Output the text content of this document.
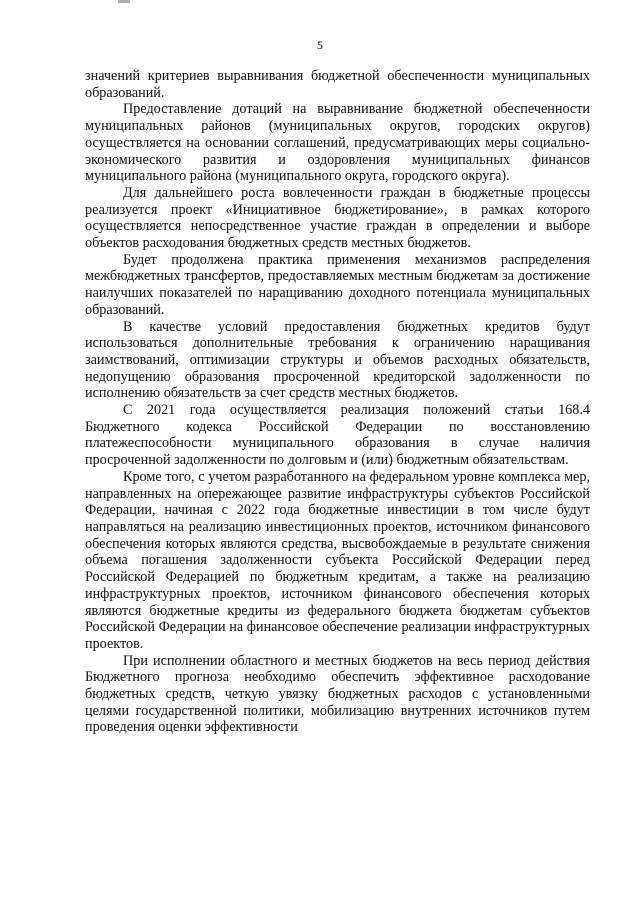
5

значений критериев выравнивания бюджетной обеспеченности муниципальных образований.

Предоставление дотаций на выравнивание бюджетной обеспеченности муниципальных районов (муниципальных округов, городских округов) осуществляется на основании соглашений, предусматривающих меры социально-экономического развития и оздоровления муниципальных финансов муниципального района (муниципального округа, городского округа).

Для дальнейшего роста вовлеченности граждан в бюджетные процессы реализуется проект «Инициативное бюджетирование», в рамках которого осуществляется непосредственное участие граждан в определении и выборе объектов расходования бюджетных средств местных бюджетов.

Будет продолжена практика применения механизмов распределения межбюджетных трансфертов, предоставляемых местным бюджетам за достижение наилучших показателей по наращиванию доходного потенциала муниципальных образований.

В качестве условий предоставления бюджетных кредитов будут использоваться дополнительные требования к ограничению наращивания заимствований, оптимизации структуры и объемов расходных обязательств, недопущению образования просроченной кредиторской задолженности по исполнению обязательств за счет средств местных бюджетов.

С 2021 года осуществляется реализация положений статьи 168.4 Бюджетного кодекса Российской Федерации по восстановлению платежеспособности муниципального образования в случае наличия просроченной задолженности по долговым и (или) бюджетным обязательствам.

Кроме того, с учетом разработанного на федеральном уровне комплекса мер, направленных на опережающее развитие инфраструктуры субъектов Российской Федерации, начиная с 2022 года бюджетные инвестиции в том числе будут направляться на реализацию инвестиционных проектов, источником финансового обеспечения которых являются средства, высвобождаемые в результате снижения объема погашения задолженности субъекта Российской Федерации перед Российской Федерацией по бюджетным кредитам, а также на реализацию инфраструктурных проектов, источником финансового обеспечения которых являются бюджетные кредиты из федерального бюджета бюджетам субъектов Российской Федерации на финансовое обеспечение реализации инфраструктурных проектов.

При исполнении областного и местных бюджетов на весь период действия Бюджетного прогноза необходимо обеспечить эффективное расходование бюджетных средств, четкую увязку бюджетных расходов с установленными целями государственной политики, мобилизацию внутренних источников путем проведения оценки эффективности
